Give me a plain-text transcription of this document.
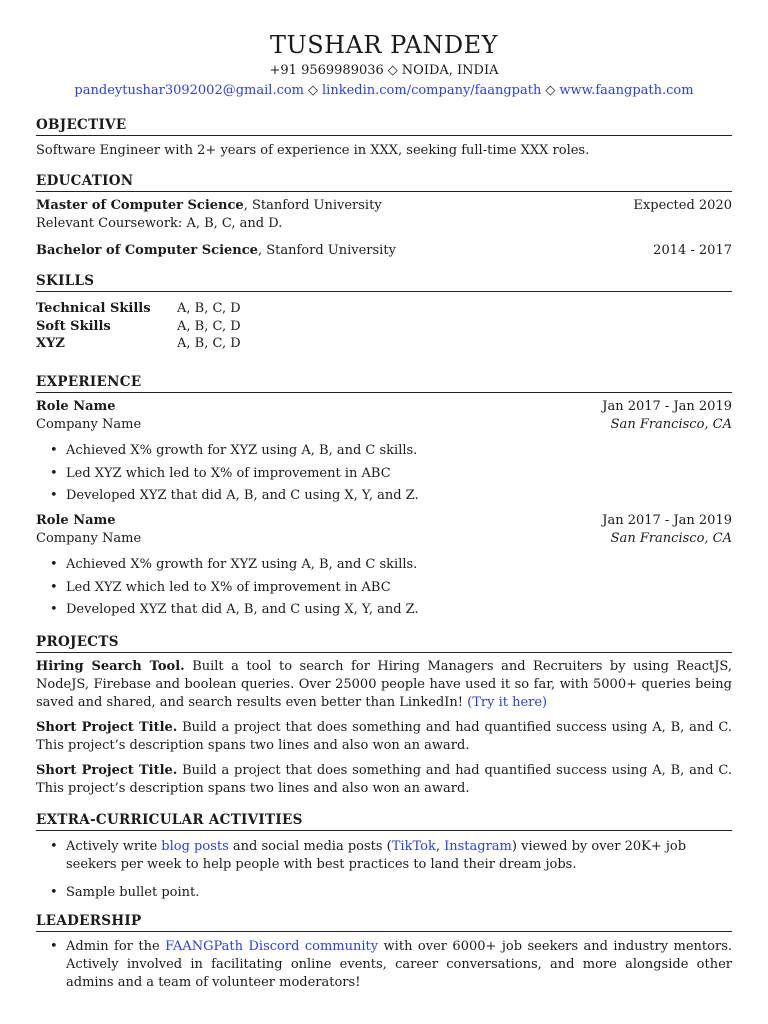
TUSHAR PANDEY
+91 9569989036 ◇ NOIDA, INDIA
pandeytushar3092002@gmail.com ◇ linkedin.com/company/faangpath ◇ www.faangpath.com
OBJECTIVE
Software Engineer with 2+ years of experience in XXX, seeking full-time XXX roles.
EDUCATION
Master of Computer Science, Stanford University	Expected 2020
Relevant Coursework: A, B, C, and D.
Bachelor of Computer Science, Stanford University	2014 - 2017
SKILLS
Technical Skills	A, B, C, D
Soft Skills	A, B, C, D
XYZ	A, B, C, D
EXPERIENCE
Role Name	Jan 2017 - Jan 2019
Company Name	San Francisco, CA
• Achieved X% growth for XYZ using A, B, and C skills.
• Led XYZ which led to X% of improvement in ABC
• Developed XYZ that did A, B, and C using X, Y, and Z.
Role Name	Jan 2017 - Jan 2019
Company Name	San Francisco, CA
• Achieved X% growth for XYZ using A, B, and C skills.
• Led XYZ which led to X% of improvement in ABC
• Developed XYZ that did A, B, and C using X, Y, and Z.
PROJECTS
Hiring Search Tool. Built a tool to search for Hiring Managers and Recruiters by using ReactJS, NodeJS, Firebase and boolean queries. Over 25000 people have used it so far, with 5000+ queries being saved and shared, and search results even better than LinkedIn! (Try it here)
Short Project Title. Build a project that does something and had quantified success using A, B, and C. This project’s description spans two lines and also won an award.
Short Project Title. Build a project that does something and had quantified success using A, B, and C. This project’s description spans two lines and also won an award.
EXTRA-CURRICULAR ACTIVITIES
• Actively write blog posts and social media posts (TikTok, Instagram) viewed by over 20K+ job seekers per week to help people with best practices to land their dream jobs.
• Sample bullet point.
LEADERSHIP
• Admin for the FAANGPath Discord community with over 6000+ job seekers and industry mentors. Actively involved in facilitating online events, career conversations, and more alongside other admins and a team of volunteer moderators!
